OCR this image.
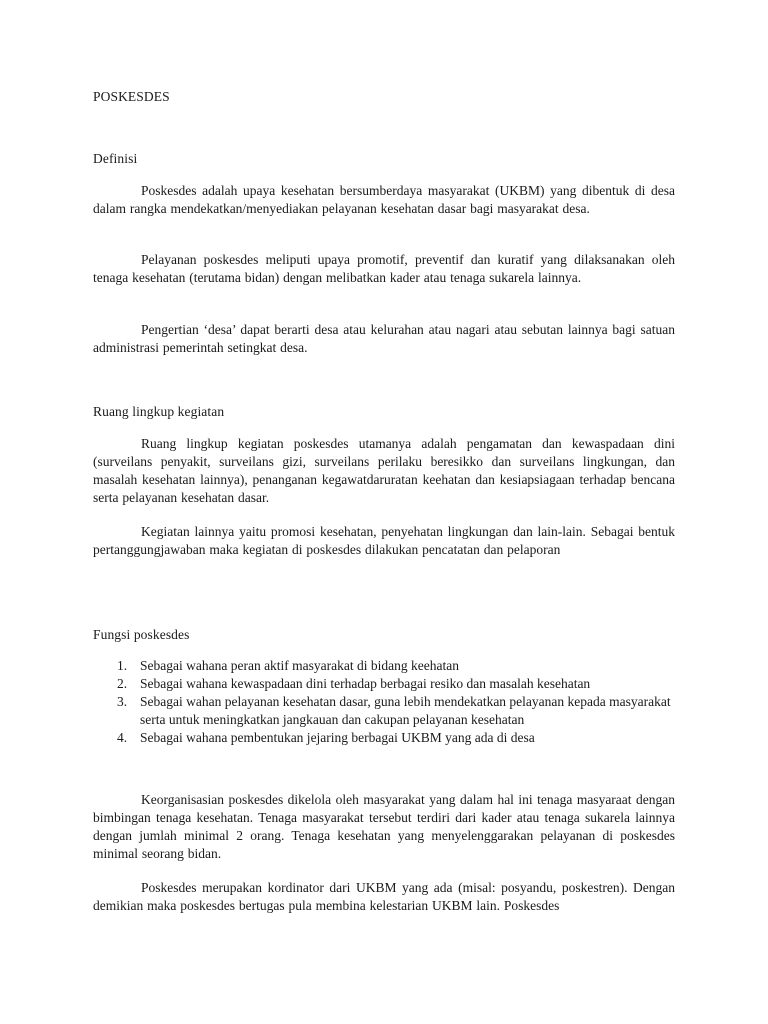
POSKESDES
Definisi

Poskesdes adalah upaya kesehatan bersumberdaya masyarakat (UKBM) yang dibentuk di desa dalam rangka mendekatkan/menyediakan pelayanan kesehatan dasar bagi masyarakat desa.

Pelayanan poskesdes meliputi upaya promotif, preventif dan kuratif yang dilaksanakan oleh tenaga kesehatan (terutama bidan) dengan melibatkan kader atau tenaga sukarela lainnya.

Pengertian ‘desa’ dapat berarti desa atau kelurahan atau nagari atau sebutan lainnya bagi satuan administrasi pemerintah setingkat desa.

Ruang lingkup kegiatan

Ruang lingkup kegiatan poskesdes utamanya adalah pengamatan dan kewaspadaan dini (surveilans penyakit, surveilans gizi, surveilans perilaku beresikko dan surveilans lingkungan, dan masalah kesehatan lainnya), penanganan kegawatdaruratan keehatan dan kesiapsiagaan terhadap bencana serta pelayanan kesehatan dasar.

Kegiatan lainnya yaitu promosi kesehatan, penyehatan lingkungan dan lain-lain. Sebagai bentuk pertanggungjawaban maka kegiatan di poskesdes dilakukan pencatatan dan pelaporan

Fungsi poskesdes
1. Sebagai wahana peran aktif masyarakat di bidang keehatan
2. Sebagai wahana kewaspadaan dini terhadap berbagai resiko dan masalah kesehatan
3. Sebagai wahan pelayanan kesehatan dasar, guna lebih mendekatkan pelayanan kepada masyarakat serta untuk meningkatkan jangkauan dan cakupan pelayanan kesehatan
4. Sebagai wahana pembentukan jejaring berbagai UKBM yang ada di desa

Keorganisasian poskesdes dikelola oleh masyarakat yang dalam hal ini tenaga masyaraat dengan bimbingan tenaga kesehatan. Tenaga masyarakat tersebut terdiri dari kader atau tenaga sukarela lainnya dengan jumlah minimal 2 orang. Tenaga kesehatan yang menyelenggarakan pelayanan di poskesdes minimal seorang bidan.

Poskesdes merupakan kordinator dari UKBM yang ada (misal: posyandu, poskestren). Dengan demikian maka poskesdes bertugas pula membina kelestarian UKBM lain. Poskesdes
